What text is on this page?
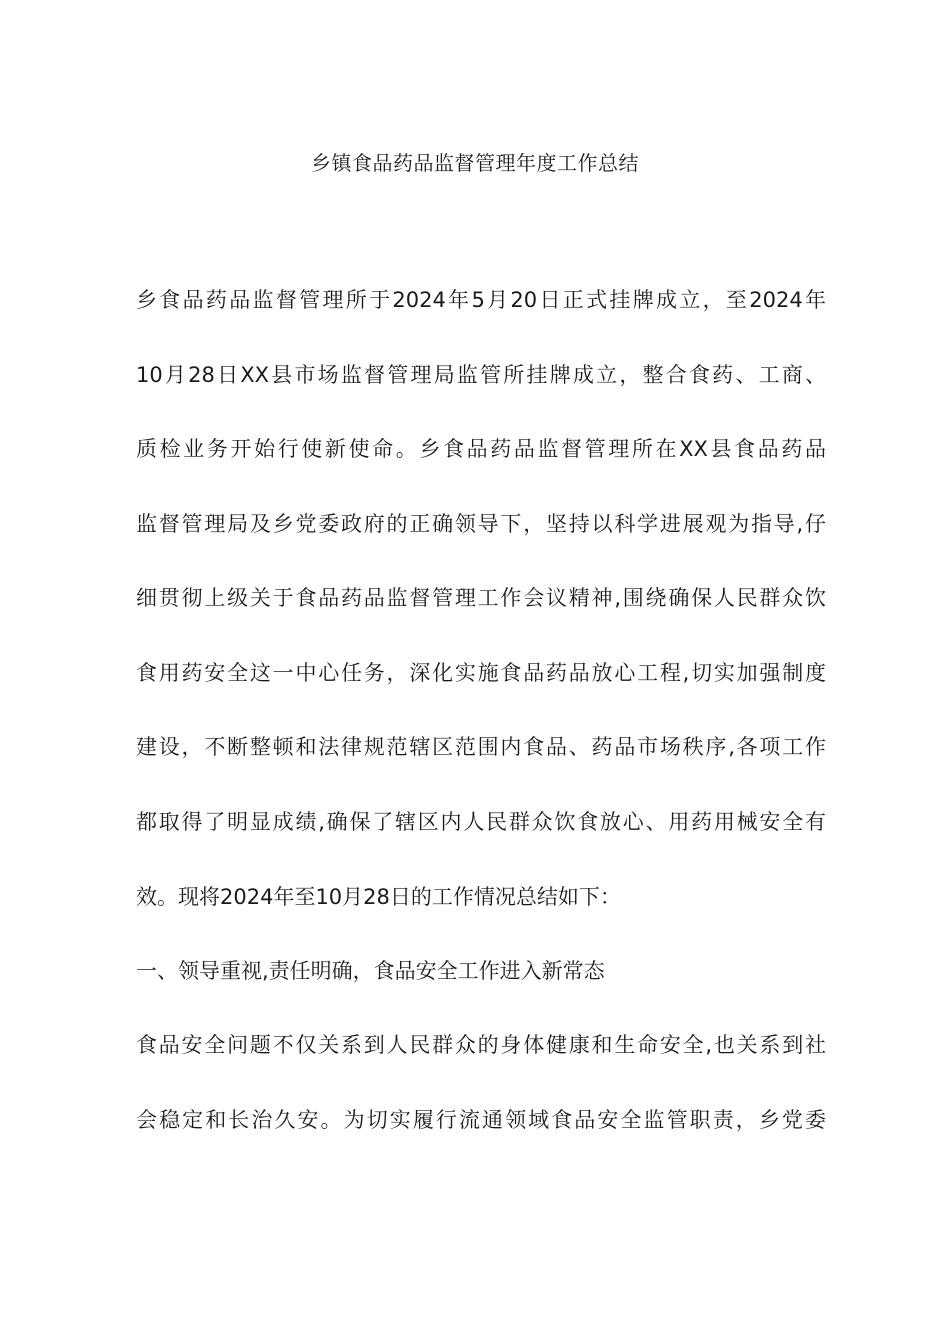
乡镇食品药品监督管理年度工作总结

乡食品药品监督管理所于2024年5月20日正式挂牌成立，至2024年

10月28日XX县市场监督管理局监管所挂牌成立，整合食药、工商、

质检业务开始行使新使命。乡食品药品监督管理所在XX县食品药品

监督管理局及乡党委政府的正确领导下，坚持以科学进展观为指导,仔

细贯彻上级关于食品药品监督管理工作会议精神,围绕确保人民群众饮

食用药安全这一中心任务，深化实施食品药品放心工程,切实加强制度

建设，不断整顿和法律规范辖区范围内食品、药品市场秩序,各项工作

都取得了明显成绩,确保了辖区内人民群众饮食放心、用药用械安全有

效。现将2024年至10月28日的工作情况总结如下：

一、领导重视,责任明确，食品安全工作进入新常态

食品安全问题不仅关系到人民群众的身体健康和生命安全,也关系到社

会稳定和长治久安。为切实履行流通领域食品安全监管职责，乡党委
